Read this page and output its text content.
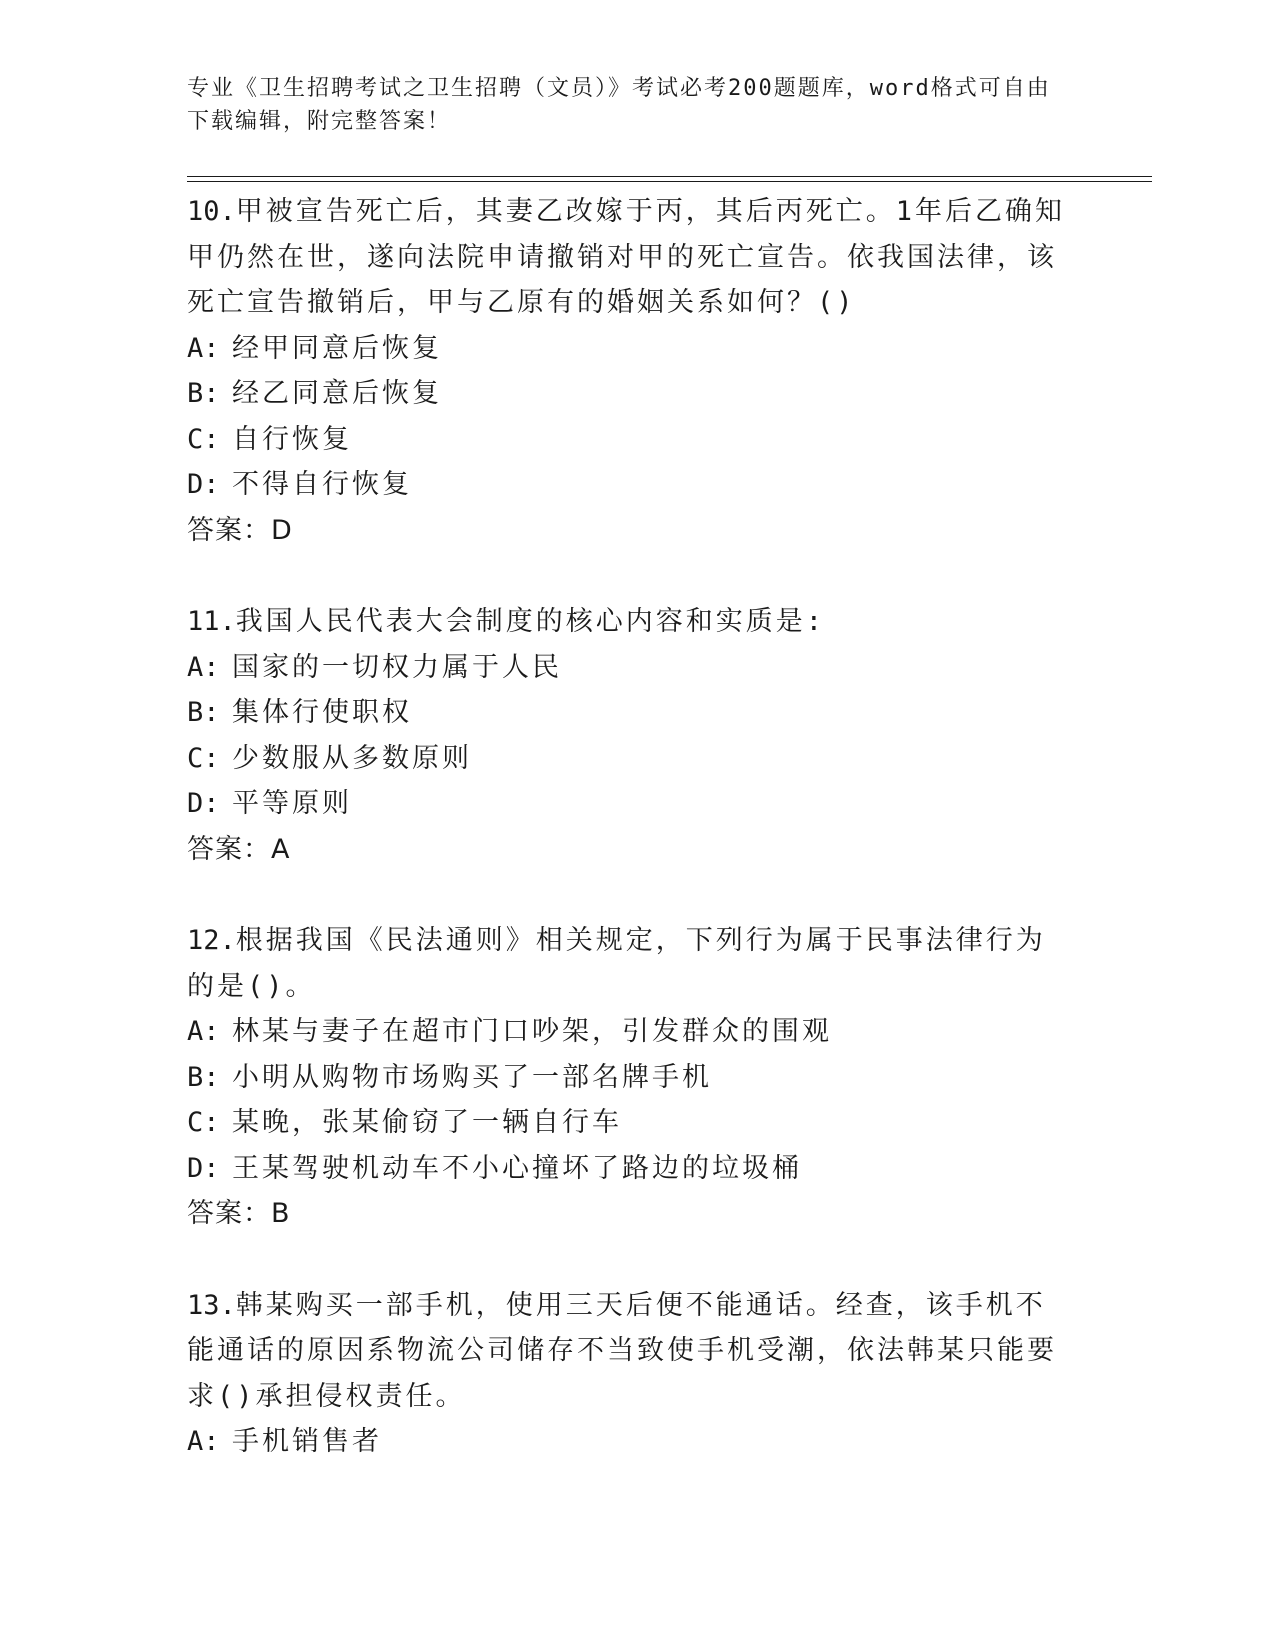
专业《卫生招聘考试之卫生招聘（文员）》考试必考200题题库，word格式可自由下载编辑，附完整答案！
10.甲被宣告死亡后，其妻乙改嫁于丙，其后丙死亡。1年后乙确知甲仍然在世，遂向法院申请撤销对甲的死亡宣告。依我国法律，该死亡宣告撤销后，甲与乙原有的婚姻关系如何？()
A: 经甲同意后恢复
B: 经乙同意后恢复
C: 自行恢复
D: 不得自行恢复
答案：D
11.我国人民代表大会制度的核心内容和实质是:
A: 国家的一切权力属于人民
B: 集体行使职权
C: 少数服从多数原则
D: 平等原则
答案：A
12.根据我国《民法通则》相关规定，下列行为属于民事法律行为的是()。
A: 林某与妻子在超市门口吵架，引发群众的围观
B: 小明从购物市场购买了一部名牌手机
C: 某晚，张某偷窃了一辆自行车
D: 王某驾驶机动车不小心撞坏了路边的垃圾桶
答案：B
13.韩某购买一部手机，使用三天后便不能通话。经查，该手机不能通话的原因系物流公司储存不当致使手机受潮，依法韩某只能要求()承担侵权责任。
A: 手机销售者
